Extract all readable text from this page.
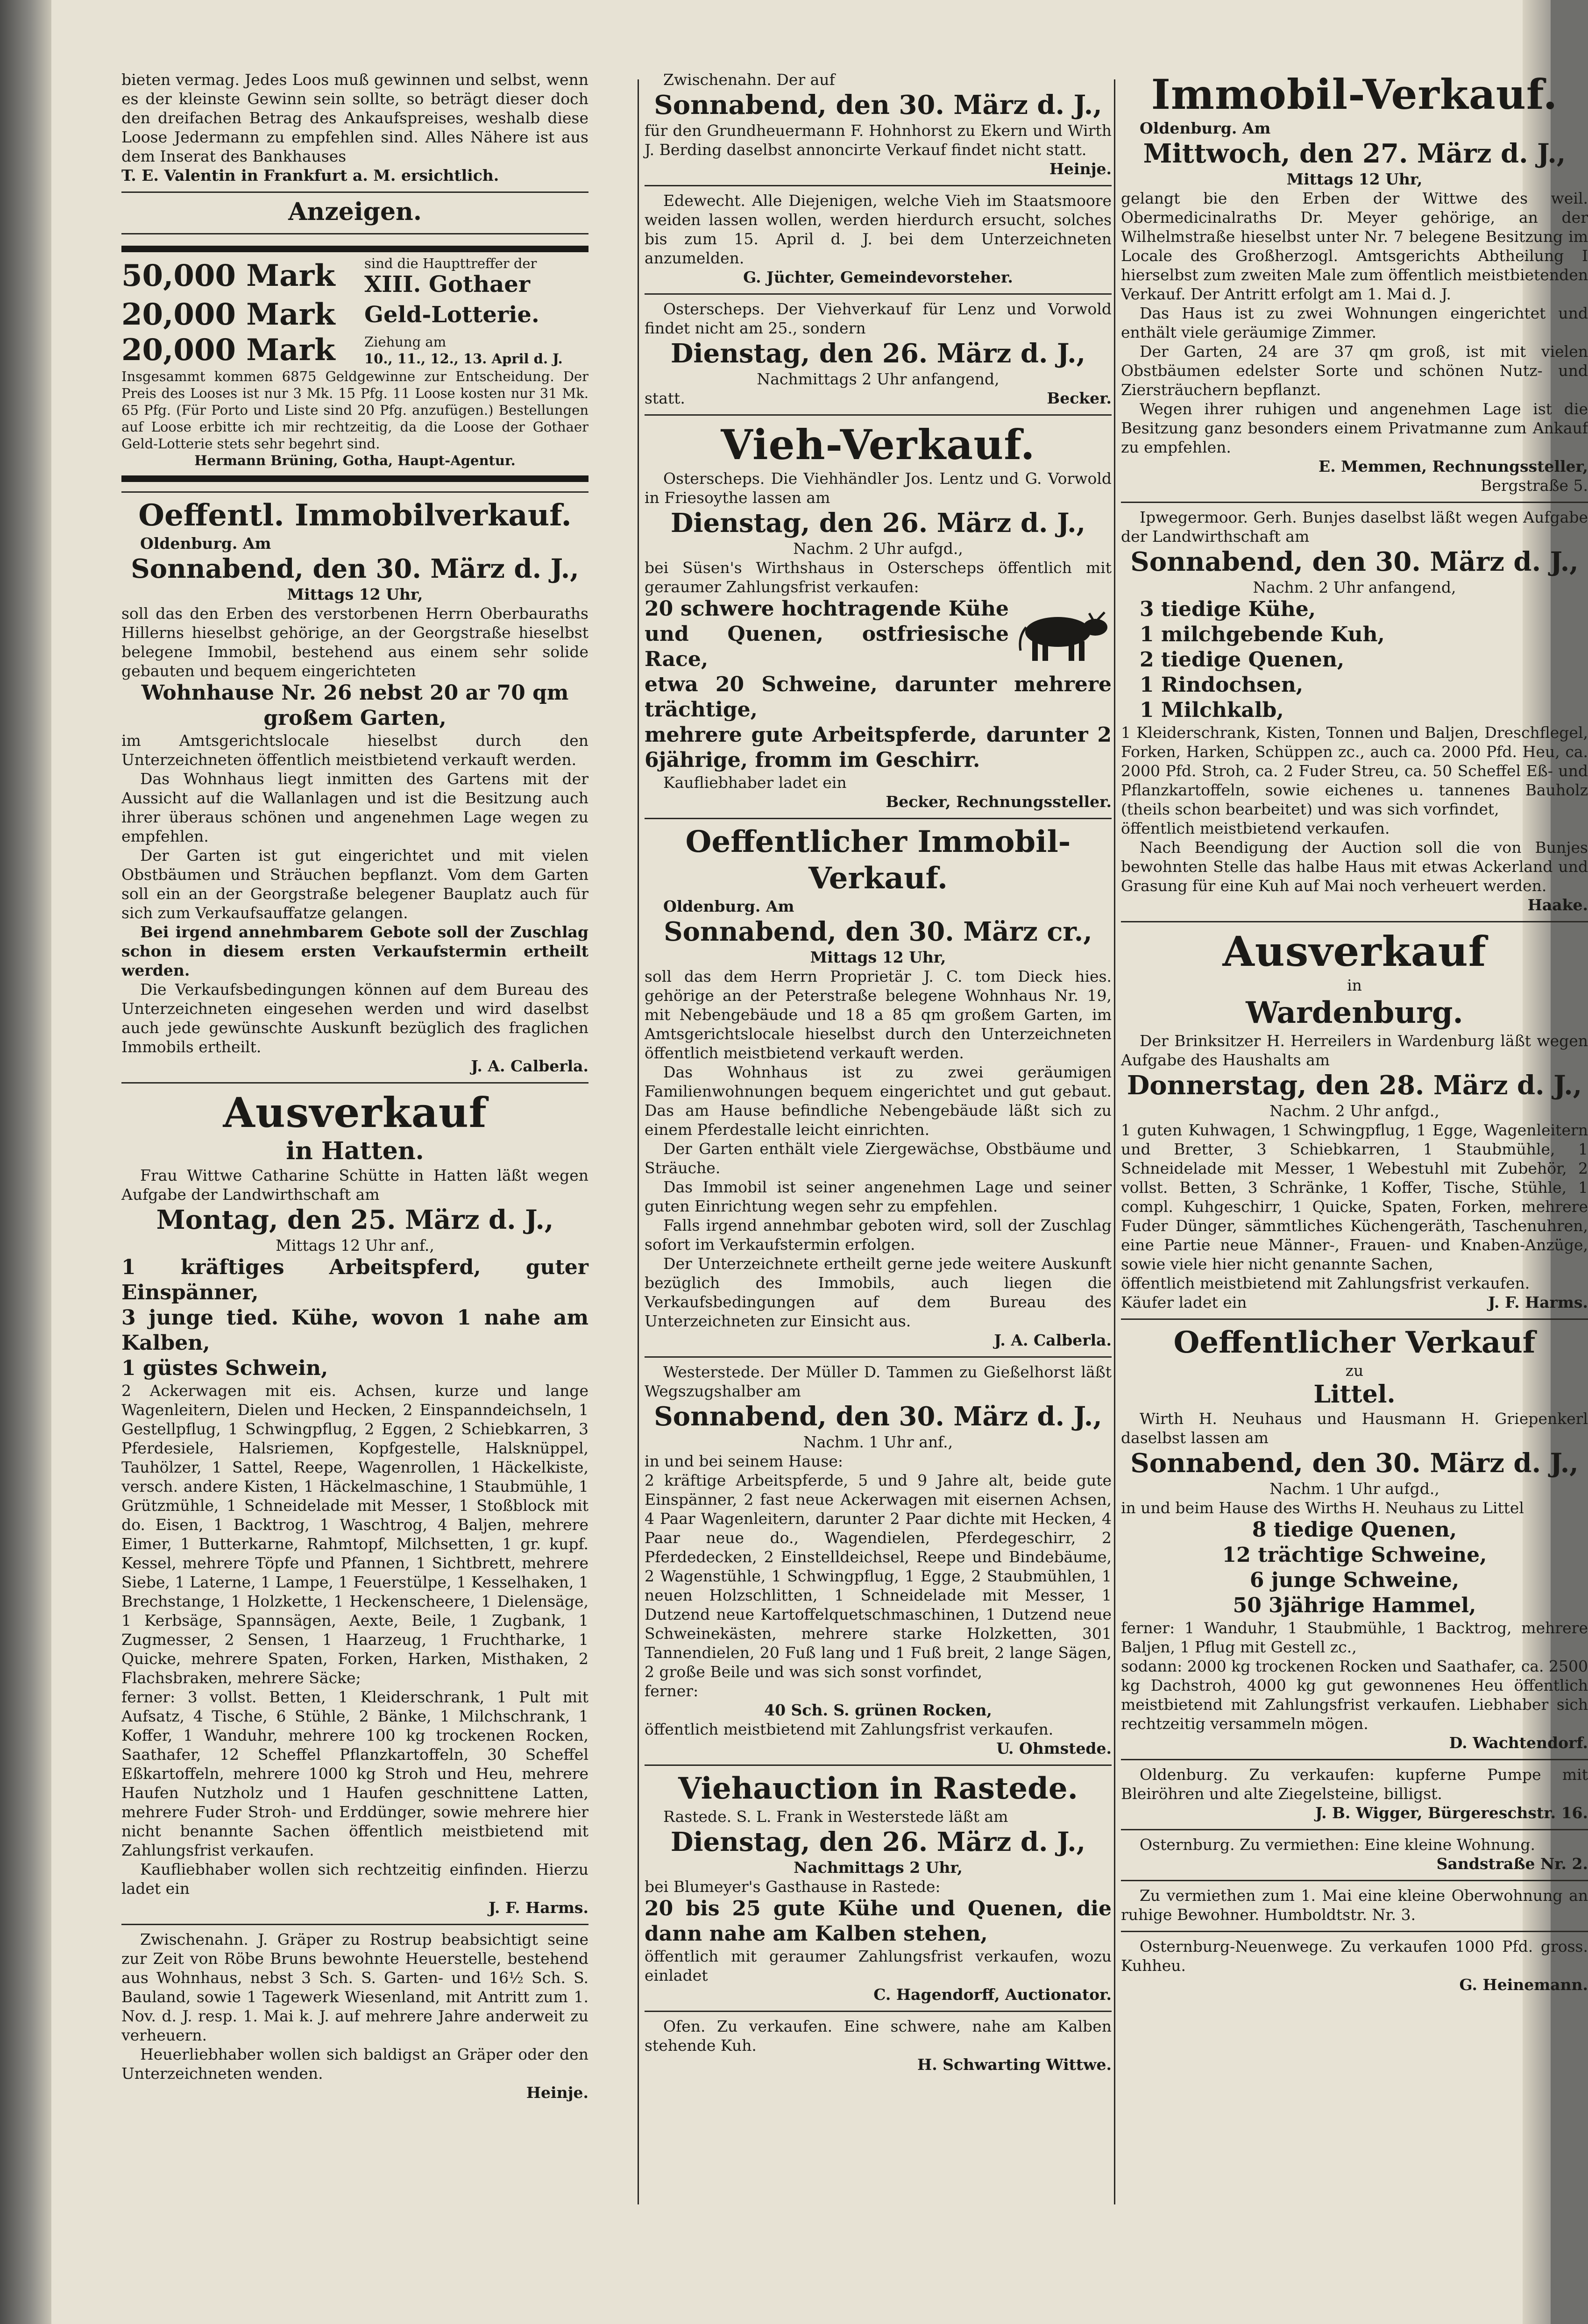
bieten vermag. Jedes Loos muß gewinnen und selbst, wenn es der kleinste Gewinn sein sollte, so beträgt dieser doch den dreifachen Betrag des Ankaufspreises, weshalb diese Loose Jedermann zu empfehlen sind. Alles Nähere ist aus dem Inserat des Bankhauses

T. E. Valentin in Frankfurt a. M. ersichtlich.

Anzeigen.
50,000 Mark	sind die Haupttreffer der
XIII. Gothaer
20,000 Mark	Geld-Lotterie.
20,000 Mark	Ziehung am
10., 11., 12., 13. April d. J.

Insgesammt kommen 6875 Geldgewinne zur Entscheidung. Der Preis des Looses ist nur 3 Mk. 15 Pfg. 11 Loose kosten nur 31 Mk. 65 Pfg. (Für Porto und Liste sind 20 Pfg. anzufügen.) Bestellungen auf Loose erbitte ich mir rechtzeitig, da die Loose der Gothaer Geld-Lotterie stets sehr begehrt sind.

Hermann Brüning, Gotha, Haupt-Agentur.

Oeffentl. Immobilverkauf.

Oldenburg. Am

Sonnabend, den 30. März d. J.,

Mittags 12 Uhr,

soll das den Erben des verstorbenen Herrn Oberbauraths Hillerns hieselbst gehörige, an der Georgstraße hieselbst belegene Immobil, bestehend aus einem sehr solide gebauten und bequem eingerichteten

Wohnhause Nr. 26 nebst 20 ar 70 qm großem Garten,

im Amtsgerichtslocale hieselbst durch den Unterzeichneten öffentlich meistbietend verkauft werden.

Das Wohnhaus liegt inmitten des Gartens mit der Aussicht auf die Wallanlagen und ist die Besitzung auch ihrer überaus schönen und angenehmen Lage wegen zu empfehlen.

Der Garten ist gut eingerichtet und mit vielen Obstbäumen und Sträuchen bepflanzt. Vom dem Garten soll ein an der Georgstraße belegener Bauplatz auch für sich zum Verkaufsauffatze gelangen.

Bei irgend annehmbarem Gebote soll der Zuschlag schon in diesem ersten Verkaufstermin ertheilt werden.

Die Verkaufsbedingungen können auf dem Bureau des Unterzeichneten eingesehen werden und wird daselbst auch jede gewünschte Auskunft bezüglich des fraglichen Immobils ertheilt.

J. A. Calberla.

Ausverkauf
in Hatten.

Frau Wittwe Catharine Schütte in Hatten läßt wegen Aufgabe der Landwirthschaft am

Montag, den 25. März d. J.,

Mittags 12 Uhr anf.,

1 kräftiges Arbeitspferd, guter Einspänner,

3 junge tied. Kühe, wovon 1 nahe am Kalben,

1 güstes Schwein,

2 Ackerwagen mit eis. Achsen, kurze und lange Wagenleitern, Dielen und Hecken, 2 Einspanndeichseln, 1 Gestellpflug, 1 Schwingpflug, 2 Eggen, 2 Schiebkarren, 3 Pferdesiele, Halsriemen, Kopfgestelle, Halsknüppel, Tauhölzer, 1 Sattel, Reepe, Wagenrollen, 1 Häckelkiste, versch. andere Kisten, 1 Häckelmaschine, 1 Staubmühle, 1 Grützmühle, 1 Schneidelade mit Messer, 1 Stoßblock mit do. Eisen, 1 Backtrog, 1 Waschtrog, 4 Baljen, mehrere Eimer, 1 Butterkarne, Rahmtopf, Milchsetten, 1 gr. kupf. Kessel, mehrere Töpfe und Pfannen, 1 Sichtbrett, mehrere Siebe, 1 Laterne, 1 Lampe, 1 Feuerstülpe, 1 Kesselhaken, 1 Brechstange, 1 Holzkette, 1 Heckenscheere, 1 Dielensäge, 1 Kerbsäge, Spannsägen, Aexte, Beile, 1 Zugbank, 1 Zugmesser, 2 Sensen, 1 Haarzeug, 1 Fruchtharke, 1 Quicke, mehrere Spaten, Forken, Harken, Misthaken, 2 Flachsbraken, mehrere Säcke;

ferner: 3 vollst. Betten, 1 Kleiderschrank, 1 Pult mit Aufsatz, 4 Tische, 6 Stühle, 2 Bänke, 1 Milchschrank, 1 Koffer, 1 Wanduhr, mehrere 100 kg trockenen Rocken, Saathafer, 12 Scheffel Pflanzkartoffeln, 30 Scheffel Eßkartoffeln, mehrere 1000 kg Stroh und Heu, mehrere Haufen Nutzholz und 1 Haufen geschnittene Latten, mehrere Fuder Stroh- und Erddünger, sowie mehrere hier nicht benannte Sachen öffentlich meistbietend mit Zahlungsfrist verkaufen.

Kaufliebhaber wollen sich rechtzeitig einfinden. Hierzu ladet ein

J. F. Harms.

Zwischenahn. J. Gräper zu Rostrup beabsichtigt seine zur Zeit von Röbe Bruns bewohnte Heuerstelle, bestehend aus Wohnhaus, nebst 3 Sch. S. Garten- und 16½ Sch. S. Bauland, sowie 1 Tagewerk Wiesenland, mit Antritt zum 1. Nov. d. J. resp. 1. Mai k. J. auf mehrere Jahre anderweit zu verheuern.

Heuerliebhaber wollen sich baldigst an Gräper oder den Unterzeichneten wenden.

Heinje.

Zwischenahn. Der auf

Sonnabend, den 30. März d. J.,

für den Grundheuermann F. Hohnhorst zu Ekern und Wirth J. Berding daselbst annoncirte Verkauf findet nicht statt.

Heinje.

Edewecht. Alle Diejenigen, welche Vieh im Staatsmoore weiden lassen wollen, werden hierdurch ersucht, solches bis zum 15. April d. J. bei dem Unterzeichneten anzumelden.

G. Jüchter, Gemeindevorsteher.

Osterscheps. Der Viehverkauf für Lenz und Vorwold findet nicht am 25., sondern

Dienstag, den 26. März d. J.,

Nachmittags 2 Uhr anfangend,

statt.	Becker.
Vieh-Verkauf.

Osterscheps. Die Viehhändler Jos. Lentz und G. Vorwold in Friesoythe lassen am

Dienstag, den 26. März d. J.,

Nachm. 2 Uhr aufgd.,

bei Süsen's Wirthshaus in Osterscheps öffentlich mit geraumer Zahlungsfrist verkaufen:

20 schwere hochtragende Kühe und Quenen, ostfriesische Race,

etwa 20 Schweine, darunter mehrere trächtige,

mehrere gute Arbeitspferde, darunter 2 6jährige, fromm im Geschirr.

Kaufliebhaber ladet ein

Becker, Rechnungssteller.

Oeffentlicher Immobil-Verkauf.

Oldenburg. Am

Sonnabend, den 30. März cr.,

Mittags 12 Uhr,

soll das dem Herrn Proprietär J. C. tom Dieck hies. gehörige an der Peterstraße belegene Wohnhaus Nr. 19, mit Nebengebäude und 18 a 85 qm großem Garten, im Amtsgerichtslocale hieselbst durch den Unterzeichneten öffentlich meistbietend verkauft werden.

Das Wohnhaus ist zu zwei geräumigen Familienwohnungen bequem eingerichtet und gut gebaut. Das am Hause befindliche Nebengebäude läßt sich zu einem Pferdestalle leicht einrichten.

Der Garten enthält viele Ziergewächse, Obstbäume und Sträuche.

Das Immobil ist seiner angenehmen Lage und seiner guten Einrichtung wegen sehr zu empfehlen.

Falls irgend annehmbar geboten wird, soll der Zuschlag sofort im Verkaufstermin erfolgen.

Der Unterzeichnete ertheilt gerne jede weitere Auskunft bezüglich des Immobils, auch liegen die Verkaufsbedingungen auf dem Bureau des Unterzeichneten zur Einsicht aus.

J. A. Calberla.

Westerstede. Der Müller D. Tammen zu Gießelhorst läßt Wegszugshalber am

Sonnabend, den 30. März d. J.,

Nachm. 1 Uhr anf.,

in und bei seinem Hause:

2 kräftige Arbeitspferde, 5 und 9 Jahre alt, beide gute Einspänner, 2 fast neue Ackerwagen mit eisernen Achsen, 4 Paar Wagenleitern, darunter 2 Paar dichte mit Hecken, 4 Paar neue do., Wagendielen, Pferdegeschirr, 2 Pferdedecken, 2 Einstelldeichsel, Reepe und Bindebäume, 2 Wagenstühle, 1 Schwingpflug, 1 Egge, 2 Staubmühlen, 1 neuen Holzschlitten, 1 Schneidelade mit Messer, 1 Dutzend neue Kartoffelquetschmaschinen, 1 Dutzend neue Schweinekästen, mehrere starke Holzketten, 301 Tannendielen, 20 Fuß lang und 1 Fuß breit, 2 lange Sägen, 2 große Beile und was sich sonst vorfindet,

ferner:

40 Sch. S. grünen Rocken,

öffentlich meistbietend mit Zahlungsfrist verkaufen.

U. Ohmstede.

Viehauction in Rastede.

Rastede. S. L. Frank in Westerstede läßt am

Dienstag, den 26. März d. J.,

Nachmittags 2 Uhr,

bei Blumeyer's Gasthause in Rastede:

20 bis 25 gute Kühe und Quenen, die dann nahe am Kalben stehen,

öffentlich mit geraumer Zahlungsfrist verkaufen, wozu einladet

C. Hagendorff, Auctionator.

Ofen. Zu verkaufen. Eine schwere, nahe am Kalben stehende Kuh.

H. Schwarting Wittwe.

Immobil-Verkauf.

Oldenburg. Am

Mittwoch, den 27. März d. J.,

Mittags 12 Uhr,

gelangt bie den Erben der Wittwe des weil. Obermedicinalraths Dr. Meyer gehörige, an der Wilhelmstraße hieselbst unter Nr. 7 belegene Besitzung im Locale des Großherzogl. Amtsgerichts Abtheilung I hierselbst zum zweiten Male zum öffentlich meistbietenden Verkauf. Der Antritt erfolgt am 1. Mai d. J.

Das Haus ist zu zwei Wohnungen eingerichtet und enthält viele geräumige Zimmer.

Der Garten, 24 are 37 qm groß, ist mit vielen Obstbäumen edelster Sorte und schönen Nutz- und Ziersträuchern bepflanzt.

Wegen ihrer ruhigen und angenehmen Lage ist die Besitzung ganz besonders einem Privatmanne zum Ankauf zu empfehlen.

E. Memmen, Rechnungssteller,

Bergstraße 5.

Ipwegermoor. Gerh. Bunjes daselbst läßt wegen Aufgabe der Landwirthschaft am

Sonnabend, den 30. März d. J.,

Nachm. 2 Uhr anfangend,

3 tiedige Kühe,

1 milchgebende Kuh,

2 tiedige Quenen,

1 Rindochsen,

1 Milchkalb,

1 Kleiderschrank, Kisten, Tonnen und Baljen, Dreschflegel, Forken, Harken, Schüppen zc., auch ca. 2000 Pfd. Heu, ca. 2000 Pfd. Stroh, ca. 2 Fuder Streu, ca. 50 Scheffel Eß- und Pflanzkartoffeln, sowie eichenes u. tannenes Bauholz (theils schon bearbeitet) und was sich vorfindet,

öffentlich meistbietend verkaufen.

Nach Beendigung der Auction soll die von Bunjes bewohnten Stelle das halbe Haus mit etwas Ackerland und Grasung für eine Kuh auf Mai noch verheuert werden.

Haake.

Ausverkauf

in

Wardenburg.

Der Brinksitzer H. Herreilers in Wardenburg läßt wegen Aufgabe des Haushalts am

Donnerstag, den 28. März d. J.,

Nachm. 2 Uhr anfgd.,

1 guten Kuhwagen, 1 Schwingpflug, 1 Egge, Wagenleitern und Bretter, 3 Schiebkarren, 1 Staubmühle, 1 Schneidelade mit Messer, 1 Webestuhl mit Zubehör, 2 vollst. Betten, 3 Schränke, 1 Koffer, Tische, Stühle, 1 compl. Kuhgeschirr, 1 Quicke, Spaten, Forken, mehrere Fuder Dünger, sämmtliches Küchengeräth, Taschenuhren, eine Partie neue Männer-, Frauen- und Knaben-Anzüge, sowie viele hier nicht genannte Sachen,

öffentlich meistbietend mit Zahlungsfrist verkaufen.

Käufer ladet ein	J. F. Harms.
Oeffentlicher Verkauf

zu

Littel.

Wirth H. Neuhaus und Hausmann H. Griepenkerl daselbst lassen am

Sonnabend, den 30. März d. J.,

Nachm. 1 Uhr aufgd.,

in und beim Hause des Wirths H. Neuhaus zu Littel

8 tiedige Quenen,

12 trächtige Schweine,

6 junge Schweine,

50 3jährige Hammel,

ferner: 1 Wanduhr, 1 Staubmühle, 1 Backtrog, mehrere Baljen, 1 Pflug mit Gestell zc.,

sodann: 2000 kg trockenen Rocken und Saathafer, ca. 2500 kg Dachstroh, 4000 kg gut gewonnenes Heu öffentlich meistbietend mit Zahlungsfrist verkaufen. Liebhaber sich rechtzeitig versammeln mögen.

D. Wachtendorf.

Oldenburg. Zu verkaufen: kupferne Pumpe mit Bleiröhren und alte Ziegelsteine, billigst.

J. B. Wigger, Bürgereschstr. 16.

Osternburg. Zu vermiethen: Eine kleine Wohnung.

Sandstraße Nr. 2.

Zu vermiethen zum 1. Mai eine kleine Oberwohnung an ruhige Bewohner. Humboldtstr. Nr. 3.

Osternburg-Neuenwege. Zu verkaufen 1000 Pfd. gross. Kuhheu.

G. Heinemann.
